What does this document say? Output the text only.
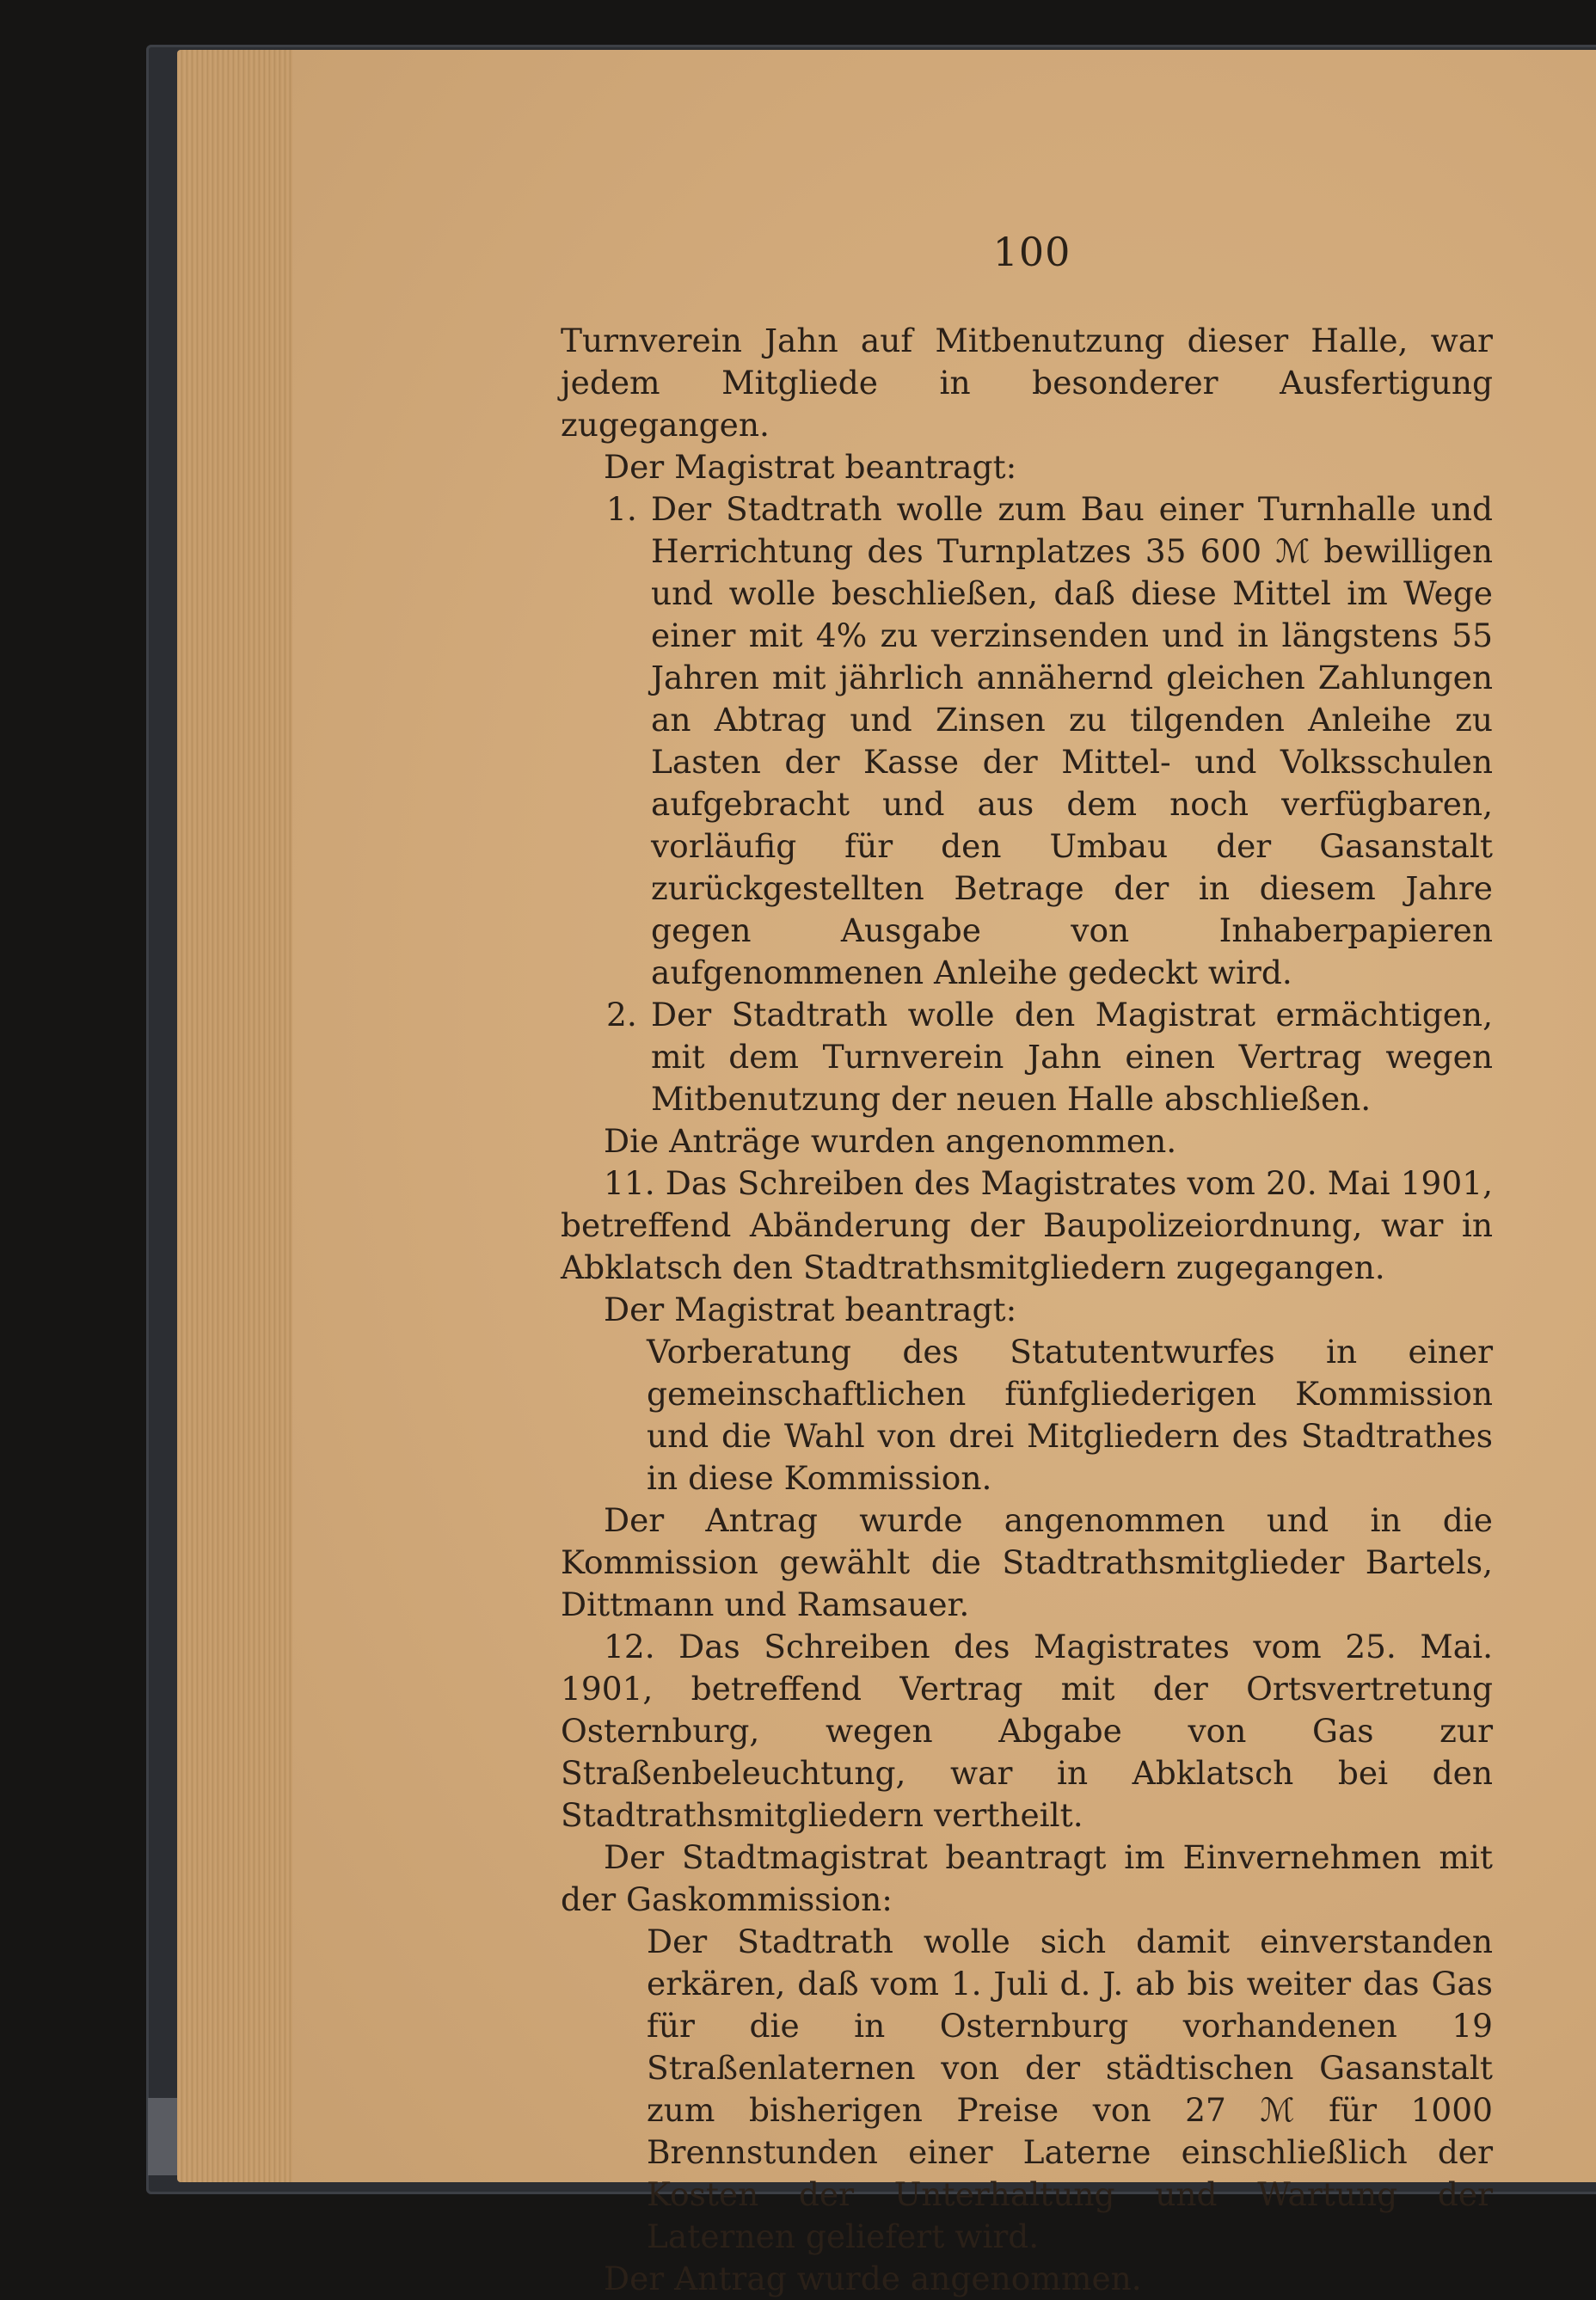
100

Turnverein Jahn auf Mitbenutzung dieser Halle, war jedem Mitgliede in besonderer Ausfertigung zugegangen.

Der Magistrat beantragt:

1. Der Stadtrath wolle zum Bau einer Turnhalle und Herrichtung des Turnplatzes 35 600 ℳ bewilligen und wolle beschließen, daß diese Mittel im Wege einer mit 4% zu verzinsenden und in längstens 55 Jahren mit jährlich annähernd gleichen Zahlungen an Abtrag und Zinsen zu tilgenden Anleihe zu Lasten der Kasse der Mittel- und Volksschulen aufgebracht und aus dem noch verfügbaren, vorläufig für den Umbau der Gasanstalt zurückgestellten Betrage der in diesem Jahre gegen Ausgabe von Inhaberpapieren aufgenommenen Anleihe gedeckt wird.

2. Der Stadtrath wolle den Magistrat ermächtigen, mit dem Turnverein Jahn einen Vertrag wegen Mitbenutzung der neuen Halle abschließen.

Die Anträge wurden angenommen.

11. Das Schreiben des Magistrates vom 20. Mai 1901, betreffend Abänderung der Baupolizeiordnung, war in Abklatsch den Stadtrathsmitgliedern zugegangen.

Der Magistrat beantragt:

Vorberatung des Statutentwurfes in einer gemeinschaftlichen fünfgliederigen Kommission und die Wahl von drei Mitgliedern des Stadtrathes in diese Kommission.

Der Antrag wurde angenommen und in die Kommission gewählt die Stadtrathsmitglieder Bartels, Dittmann und Ramsauer.

12. Das Schreiben des Magistrates vom 25. Mai. 1901, betreffend Vertrag mit der Ortsvertretung Osternburg, wegen Abgabe von Gas zur Straßenbeleuchtung, war in Abklatsch bei den Stadtrathsmitgliedern vertheilt.

Der Stadtmagistrat beantragt im Einvernehmen mit der Gaskommission:

Der Stadtrath wolle sich damit einverstanden erkären, daß vom 1. Juli d. J. ab bis weiter das Gas für die in Osternburg vorhandenen 19 Straßenlaternen von der städtischen Gasanstalt zum bisherigen Preise von 27 ℳ für 1000 Brennstunden einer Laterne einschließlich der Kosten der Unterhaltung und Wartung der Laternen geliefert wird.

Der Antrag wurde angenommen.
